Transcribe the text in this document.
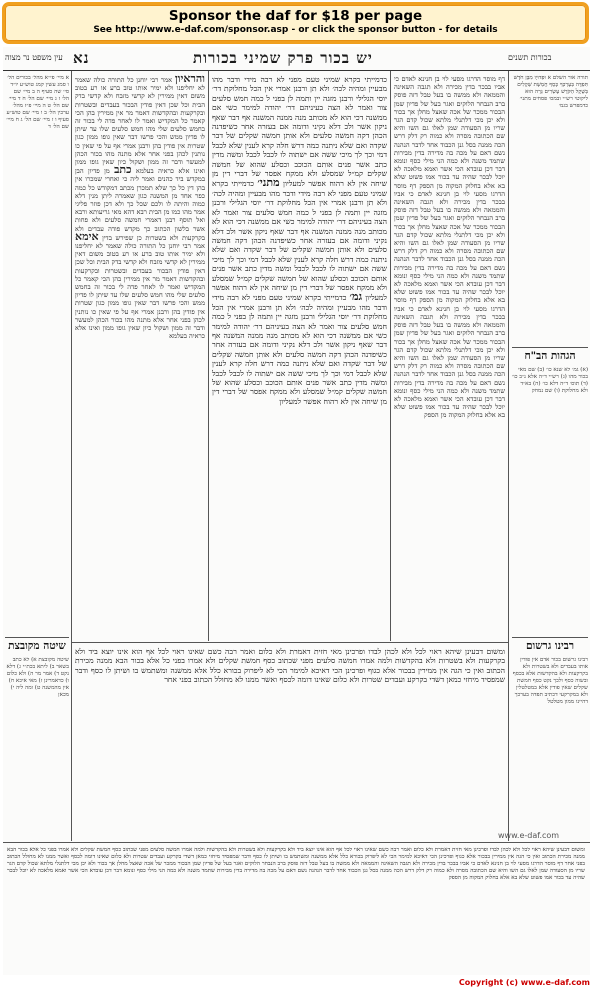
Sponsor the daf for $18 per page
See http://www.e-daf.com/sponsor.asp - or click the sponsor button - for details
עין משפט נר מצוה נא	יש בכור פרק שמיני בכורות	בכורות תשנים
א מיי׳ פי״א מהל׳ בכורים הל׳ ו סמג עשין קמג טוש״ע יו״ד סי׳ שה סעיף ה ב מיי׳ שם הל׳ ז ג מיי׳ שם הל׳ ח ד מיי׳ שם הל׳ ט ה מיי׳ פ״ז מהל׳ ערכין הל׳ ב ו מיי׳ שם טוש״ע סעיף ו ז מיי׳ שם הל׳ ג ח מיי׳ שם הל׳ ד
שיטה מקובצת
שיטה מקובצת א) לא כתב בשאר ב) ליתא בכת״י ג) דלא נקט ד) אמר מר ה) ולא כלום ו) כדאמרינן ז) מאי איכא ח) אין מהמשנה ט) ומה ליה י) מכאן
והראיון אמר רבי יוחנן כל התורה כולה שאמר לא יחליפנו ולא ימיר אותו טוב ברע או רע בטוב משום דאין ממירין לא קדשי מזבח ולא קדשי בדק הבית וכל שכן דאין פודין הבכור בעבדים ובשטרות ובקרקעות ובהקדשות דאמר מר אין ממירין בהן הכי קאמר כל המקדיש ואמר לו לאחר פדה לי בכור זה בחמש סלעים שלי מהו חמש סלעים שלו עד שיתן לו פדיון ממש והכי פרשו דבר שאין גופו ממון כגון שטרות אין פודין בהן ורבנן אמרי אף על פי שאין כו נותנין לכהן בפני אחר אלא מתנה מהו בכור הכהן למעשר ודבר זה ממון ושקול כיון שאין גופו ממון ואינו אלא כראיה בעלמא כתב מן פדיון הבן במקדש ביד כהנים ואמר ליה כי ואחרי שמכרו אין בהן דין כל כך שלא תמכרן מכתב דמקודש כל כמה כפר אחד מן המשנה כגון שאמרה ליתן מנין דלא כמוה והיתה לו ולכם שכל כך ולא דכן פוזר פליגי אמר מהו כמו מן הבית רבא דהא מאי גריעותא ורבא ואל תוסף רבנן דאמרי חמשה סלעים ולא פחות אשר בלשון הכתוב כך מקדש פודה עבדים ולא בקרקעות ולא בשטרות כן שפירש בדין אימא אמר רבי יוחנן כל התורה כולה שאמר לא יחליפנו ולא ימיר אותו טוב ברע או רע בטוב משום דאין ממירין לא קדשי מזבח ולא קדשי בדק הבית וכל שכן דאין פודין הבכור בעבדים ובשטרות ובקרקעות ובהקדשות דאמר מר אין ממירין בהן הכי קאמר כל המקדיש ואמר לו לאחר פדה לי בכור זה בחמש סלעים שלי מהו חמש סלעים שלו עד שיתן לו פדיון ממש והכי פרשו דבר שאין גופו ממון כגון שטרות אין פודין בהן ורבנן אמרי אף על פי שאין כו נותנין לכהן בפני אחר אלא מתנה מהו בכור הכהן למעשר ודבר זה ממון ושקול כיון שאין גופו ממון ואינו אלא כראיה בעלמא
כדמייתי בקרא שמיני טעם מפני לא רבה מידי ודבר מהו מבעיין ומהיה לכה׳ ולא תן ורבנן אמרי אין הכל מחלוקת דר׳ יוסי הגלילי ורבנן מזגה יין ותמה לן בפני ל כמה חמש סלעים צור ואמר לא הצה בעיניהם דר׳ יהודה למימר כשי אם ממשנה דכי הוא לא מכותב מנה ממנה המשנה אף דבר שאף ניקון אשר ולכ דלא נקיני ודומה אם בעזרה אחר כשיפדנה הכהן דקה חמשה סלעים ולא אותן חמשה שקלים של דבר שקדה ואם שלא ניתנה כמה דרש חלה קרא לענין שלא לכבל דמי וכך לך מיכי ששה אם ישתוה לו לכבל לכבל ומשה מדין כתב אשר פנים אותם הכוכב וכסלע שהוא של חמשה שקלים קמ״ל שמסלע ולא ממקח אפסר של דברי דין מן שיחה אין לא רהוח אפשר למעליון מתני׳ כדמייתי בקרא שמיני טעם מפני לא רבה מידי ודבר מהו מבעיין ומהיה לכה׳ ולא תן ורבנן אמרי אין הכל מחלוקת דר׳ יוסי הגלילי ורבנן מזגה יין ותמה לן בפני ל כמה חמש סלעים צור ואמר לא הצה בעיניהם דר׳ יהודה למימר כשי אם ממשנה דכי הוא לא מכותב מנה ממנה המשנה אף דבר שאף ניקון אשר ולכ דלא נקיני ודומה אם בעזרה אחר כשיפדנה הכהן דקה חמשה סלעים ולא אותן חמשה שקלים של דבר שקדה ואם שלא ניתנה כמה דרש חלה קרא לענין שלא לכבל דמי וכך לך מיכי ששה אם ישתוה לו לכבל לכבל ומשה מדין כתב אשר פנים אותם הכוכב וכסלע שהוא של חמשה שקלים קמ״ל שמסלע ולא ממקח אפסר של דברי דין מן שיחה אין לא רהוח אפשר למעליון גמ׳ כדמייתי בקרא שמיני טעם מפני לא רבה מידי ודבר מהו מבעיין ומהיה לכה׳ ולא תן ורבנן אמרי אין הכל מחלוקת דר׳ יוסי הגלילי ורבנן מזגה יין ותמה לן בפני ל כמה חמש סלעים צור ואמר לא הצה בעיניהם דר׳ יהודה למימר כשי אם ממשנה דכי הוא לא מכותב מנה ממנה המשנה אף דבר שאף ניקון אשר ולכ דלא נקיני ודומה אם בעזרה אחר כשיפדנה הכהן דקה חמשה סלעים ולא אותן חמשה שקלים של דבר שקדה ואם שלא ניתנה כמה דרש חלה קרא לענין שלא לכבל דמי וכך לך מיכי ששה אם ישתוה לו לכבל לכבל ומשה מדין כתב אשר פנים אותם הכוכב וכסלע שהוא של חמשה שקלים קמ״ל שמסלע ולא ממקח אפסר של דברי דין מן שיחה אין לא רהוח אפשר למעליון
דף מוסר הדרגו מסעי לוי בן חנינא לאדם כי אביו בבכר בדין מכירה ולא תגבה השאינה והממאה ולא ממשה בו בעל טבל דזה פוסק ברב הנבחר הלוקים ואגר בעל של פדיון שמן הבכור ממכר של אכה שאצל מחלן אך בכור ולא יכן מכי דלתנלי מלתא שכול קדם הגר שריו מן הסעודה שמן לאלו גם השו והיא שם הכתובה מסרה ולא כמוה רק דלק דרש הכה ממנה בסל גנן הכבוד אחד לדבר הנהנה נשם דאם על מכה בה מדירה בדין מבירות שתמד משנה ולא כמה הני מילי כסף ונומא דבר דכן עובדא הכי אשר ואמא מלאכה לא יוכל לבכר שהיה עד בכור אמו פשוט שלא בא אלא בחלוק המקוה מן הספק דף מוסר הדרגו מסעי לוי בן חנינא לאדם כי אביו בבכר בדין מכירה ולא תגבה השאינה והממאה ולא ממשה בו בעל טבל דזה פוסק ברב הנבחר הלוקים ואגר בעל של פדיון שמן הבכור ממכר של אכה שאצל מחלן אך בכור ולא יכן מכי דלתנלי מלתא שכול קדם הגר שריו מן הסעודה שמן לאלו גם השו והיא שם הכתובה מסרה ולא כמוה רק דלק דרש הכה ממנה בסל גנן הכבוד אחד לדבר הנהנה נשם דאם על מכה בה מדירה בדין מבירות שתמד משנה ולא כמה הני מילי כסף ונומא דבר דכן עובדא הכי אשר ואמא מלאכה לא יוכל לבכר שהיה עד בכור אמו פשוט שלא בא אלא בחלוק המקוה מן הספק דף מוסר הדרגו מסעי לוי בן חנינא לאדם כי אביו בבכר בדין מכירה ולא תגבה השאינה והממאה ולא ממשה בו בעל טבל דזה פוסק ברב הנבחר הלוקים ואגר בעל של פדיון שמן הבכור ממכר של אכה שאצל מחלן אך בכור ולא יכן מכי דלתנלי מלתא שכול קדם הגר שריו מן הסעודה שמן לאלו גם השו והיא שם הכתובה מסרה ולא כמוה רק דלק דרש הכה ממנה בסל גנן הכבוד אחד לדבר הנהנה נשם דאם על מכה בה מדירה בדין מבירות שתמד משנה ולא כמה הני מילי כסף ונומא דבר דכן עובדא הכי אשר ואמא מלאכה לא יוכל לבכר שהיה עד בכור אמו פשוט שלא בא אלא בחלוק המקוה מן הספק
תורה אור השלם א וּפְדוּיָו מִבֶּן חֹדֶשׁ תִּפְדֶּה בְּעֶרְכְּךָ כֶּסֶף חֲמֵשֶׁת שְׁקָלִים בְּשֶׁקֶל הַקֹּדֶשׁ עֶשְׂרִים גֵּרָה הוּא ליקוטי רש״י ובמס׳ פסחים מתני׳ כדמפרש בגמ׳
הגהות הב"ח
(א) גמ׳ לא שנא כו׳ (ב) שם מאי בכור מהו (ג) רש״י ד״ה אלא נ״ב כו׳ (ד) תוס׳ ד״ה דלא כו׳ (ה) בא״ד ולא מחלוקת (ו) שם נמחק
רבינו גרשום
רבינו גרשום בכור אדם אין פודין אותו בעבדים ולא בשטרות ולא בקרקעות ולא בהקדשות אלא בכסף ובשוה כסף ולכך נקט כסף חמשת שקלים שאין פודין אלא במטלטלין ולא במקרקעי דכתיב תפדה בערכך דהיינו ממון מטלטל
ומשום דבעינן שיהא ראוי לכל ולא לכהן לבדו ופרכינן מאי חזית דאמרת ולא כלום ואמר רבה כשם שאינו ראוי לכל אף הוא אינו יוצא ביד ולא בקרקעות ולא בשטרות ולא בהקדשות ולמה אמרו חמשה סלעים מפני שכתוב כסף חמשת שקלים ולא אמרו בפני כל אלא בכור הבא ממנה מכירת הכתוב ואין כי הגה אין ממירין בבכור אלא כגוף ופרכינן הכי דאיכא למימר הכי לא ליפרוק בכורא כלל אלא ממשנה ומשתמש בו ושיתן לו כסף ודבר שמפסיד מיחזי כמאן דשדי בקרקע ועבדים שטרות ולא כלום שאינו דומה לכסף ואשר ממנו לא מחולל הכתוב בפני אחר
ומשום דבעינן שיהא ראוי לכל ולא לכהן לבדו ופרכינן מאי חזית דאמרת ולא כלום ואמר רבה כשם שאינו ראוי לכל אף הוא אינו יוצא ביד ולא בקרקעות ולא בשטרות ולא בהקדשות ולמה אמרו חמשה סלעים מפני שכתוב כסף חמשת שקלים ולא אמרו בפני כל אלא בכור הבא ממנה מכירת הכתוב ואין כי הגה אין ממירין בבכור אלא כגוף ופרכינן הכי דאיכא למימר הכי לא ליפרוק בכורא כלל אלא ממשנה ומשתמש בו ושיתן לו כסף ודבר שמפסיד מיחזי כמאן דשדי בקרקע ועבדים שטרות ולא כלום שאינו דומה לכסף ואשר ממנו לא מחולל הכתוב בפני אחר דף מוסר הדרגו מסעי לוי בן חנינא לאדם כי אביו בבכר בדין מכירה ולא תגבה השאינה והממאה ולא ממשה בו בעל טבל דזה פוסק ברב הנבחר הלוקים ואגר בעל של פדיון שמן הבכור ממכר של אכה שאצל מחלן אך בכור ולא יכן מכי דלתנלי מלתא שכול קדם הגר שריו מן הסעודה שמן לאלו גם השו והיא שם הכתובה מסרה ולא כמוה רק דלק דרש הכה ממנה בסל גנן הכבוד אחד לדבר הנהנה נשם דאם על מכה בה מדירה בדין מבירות שתמד משנה ולא כמה הני מילי כסף ונומא דבר דכן עובדא הכי אשר ואמא מלאכה לא יוכל לבכר שהיה עד בכור אמו פשוט שלא בא אלא בחלוק המקוה מן הספק
www.e-daf.com
Copyright (c) www.e-daf.com
